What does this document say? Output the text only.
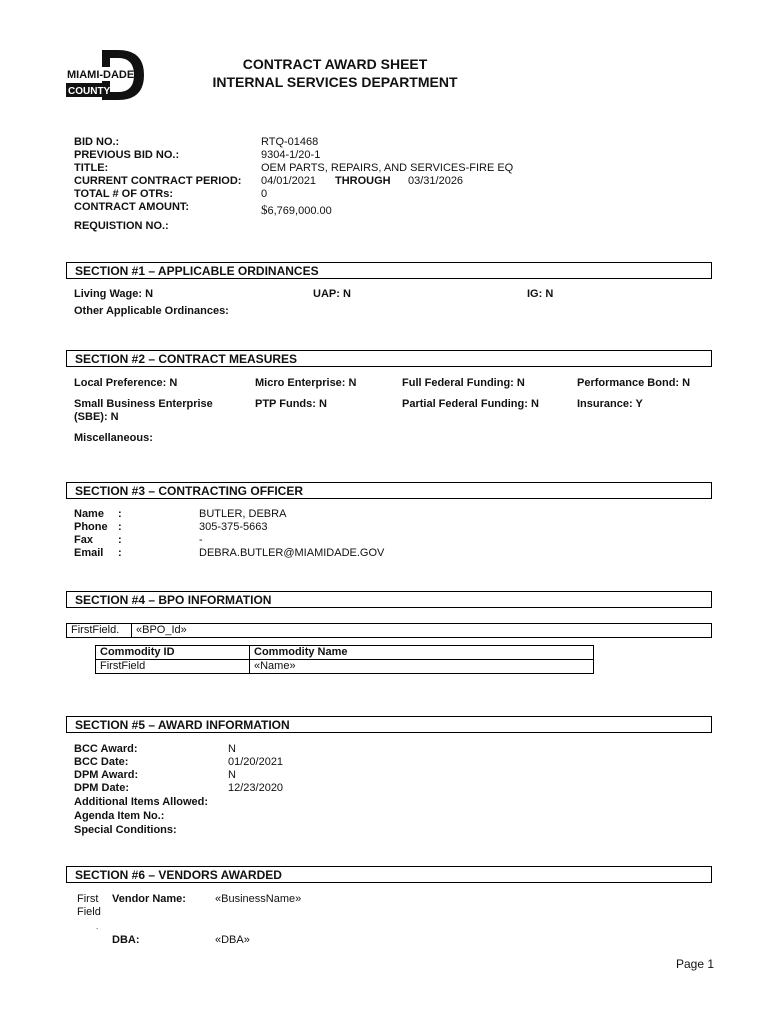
MIAMI-DADE
COUNTY
CONTRACT AWARD SHEET
INTERNAL SERVICES DEPARTMENT
BID NO.:	RTQ-01468
PREVIOUS BID NO.:	9304-1/20-1
TITLE:	OEM PARTS, REPAIRS, AND SERVICES-FIRE EQ
CURRENT CONTRACT PERIOD: 04/01/2021 THROUGH 03/31/2026
TOTAL # OF OTRs:	0
CONTRACT AMOUNT:	$6,769,000.00
REQUISTION NO.:
SECTION #1 – APPLICABLE ORDINANCES
Living Wage: N	UAP: N	IG: N
Other Applicable Ordinances:
SECTION #2 – CONTRACT MEASURES
Local Preference: N	Micro Enterprise: N	Full Federal Funding: N	Performance Bond: N
Small Business Enterprise
(SBE): N
PTP Funds: N	Partial Federal Funding: N	Insurance: Y
Miscellaneous:
SECTION #3 – CONTRACTING OFFICER
Name :	BUTLER, DEBRA
Phone :	305-375-5663
Fax :	-
Email :	DEBRA.BUTLER@MIAMIDADE.GOV
SECTION #4 – BPO INFORMATION
FirstField.	«BPO_Id»
Commodity ID	Commodity Name
FirstField	«Name»
SECTION #5 – AWARD INFORMATION
BCC Award:	N
BCC Date:	01/20/2021
DPM Award:	N
DPM Date:	12/23/2020
Additional Items Allowed:
Agenda Item No.:
Special Conditions:
SECTION #6 – VENDORS AWARDED
First
Field
Vendor Name:	«BusinessName»
.
DBA:	«DBA»
Page 1
